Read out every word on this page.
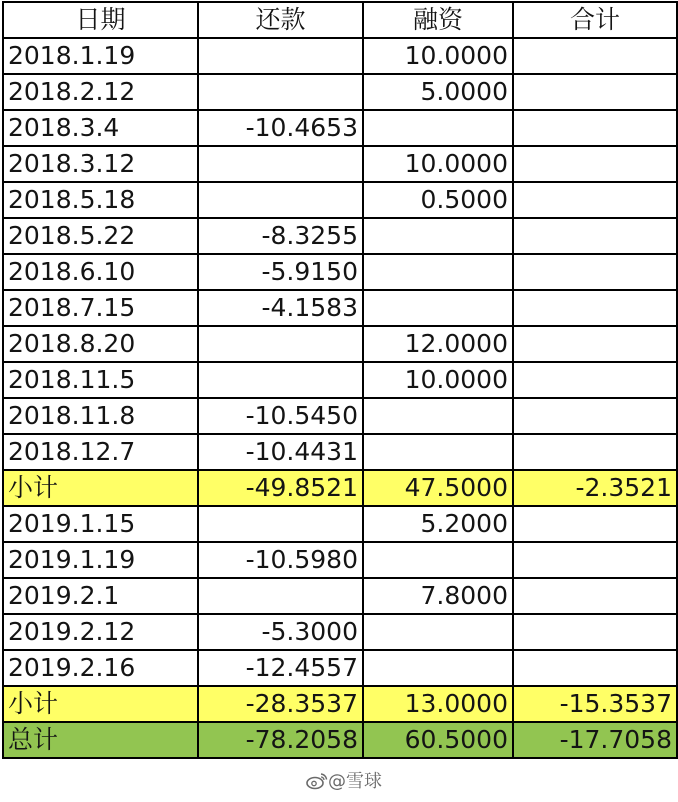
日期	还款	融资	合计
2018.1.19		10.0000	
2018.2.12		5.0000	
2018.3.4	-10.4653		
2018.3.12		10.0000	
2018.5.18		0.5000	
2018.5.22	-8.3255		
2018.6.10	-5.9150		
2018.7.15	-4.1583		
2018.8.20		12.0000	
2018.11.5		10.0000	
2018.11.8	-10.5450		
2018.12.7	-10.4431		
小计	-49.8521	47.5000	-2.3521
2019.1.15		5.2000	
2019.1.19	-10.5980		
2019.2.1		7.8000	
2019.2.12	-5.3000		
2019.2.16	-12.4557		
小计	-28.3537	13.0000	-15.3537
总计	-78.2058	60.5000	-17.7058
@雪球
